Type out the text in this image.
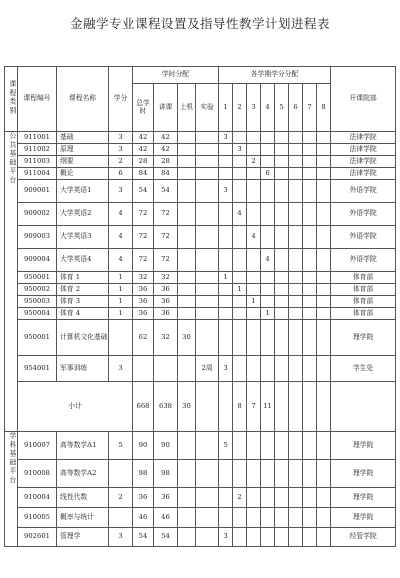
金融学专业课程设置及指导性教学计划进程表
课程类别	课程编号	课程名称	学分	学时分配				各学期学分分配								开课院部
				总学时	讲课	上机	实验	1	2	3	4	5	6	7	8	
公共基础平台	911001	基础	3	42	42			3								法律学院
	911002	原理	3	42	42				3							法律学院
	911003	纲要	2	28	28					2						法律学院
	911004	概论	6	84	84						6					法律学院
	909001	大学英语1	3	54	54			3								外语学院
	909002	大学英语2	4	72	72				4							外语学院
	909003	大学英语3	4	72	72					4						外语学院
	909004	大学英语4	4	72	72						4					外语学院
	950001	体育 1	1	32	32			1								体育部
	950002	体育 2	1	36	36				1							体育部
	950003	体育 3	1	36	36					1						体育部
	950004	体育 4	1	36	36						1					体育部
	950001	计算机文化基础		62	32	30										理学院
	954001	军事训练	3				2周	3								学生处
	小计			668	638	30			8	7	11					
学科基础平台	910007	高等数学A1	5	90	90			5								理学院
	910008	高等数学A2		98	98											理学院
	910004	线性代数	2	36	36				2							理学院
	910005	概率与统计		46	46											理学院
	902601	管理学	3	54	54			3								经管学院
